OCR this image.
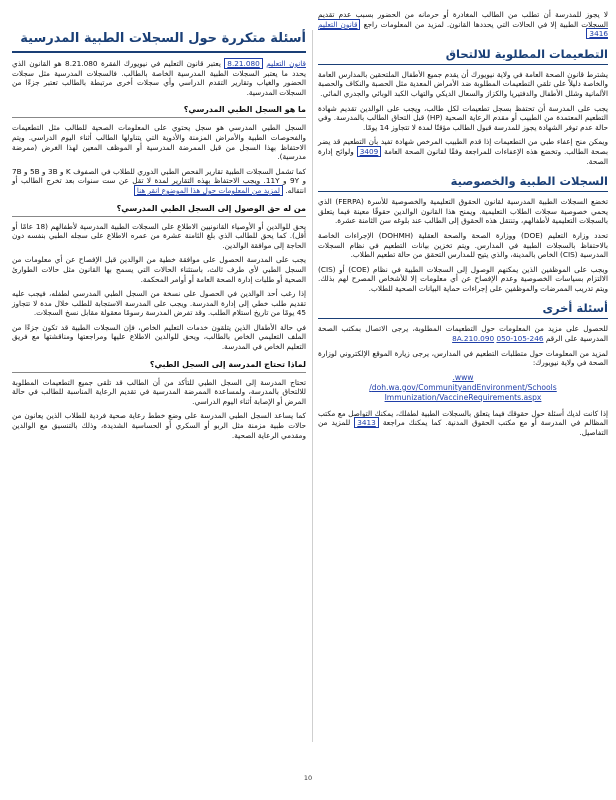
لا يجوز للمدرسة أن تطلب من الطالب المغادرة أو حرمانه من الحضور بسبب عدم تقديم السجلات الطبية إلا في الحالات التي يحددها القانون. لمزيد من المعلومات راجع قانون التعليم 3416

التطعيمات المطلوبة للالتحاق

يشترط قانون الصحة العامة في ولاية نيويورك أن يقدم جميع الأطفال الملتحقين بالمدارس العامة والخاصة دليلاً على تلقي التطعيمات المطلوبة ضد الأمراض المعدية مثل الحصبة والنكاف والحصبة الألمانية وشلل الأطفال والدفتيريا والكزاز والسعال الديكي والتهاب الكبد الوبائي والجدري المائي.

يجب على المدرسة أن تحتفظ بسجل تطعيمات لكل طالب، ويجب على الوالدين تقديم شهادة التطعيم المعتمدة من الطبيب أو مقدم الرعاية الصحية (HP) قبل التحاق الطالب بالمدرسة. وفي حالة عدم توفر الشهادة يجوز للمدرسة قبول الطالب مؤقتًا لمدة لا تتجاوز 14 يومًا.

ويمكن منح إعفاء طبي من التطعيمات إذا قدم الطبيب المرخص شهادة تفيد بأن التطعيم قد يضر بصحة الطالب. وتخضع هذه الإعفاءات للمراجعة وفقًا لقانون الصحة العامة 3409 ولوائح إدارة الصحة.

السجلات الطبية والخصوصية

تخضع السجلات الطبية المدرسية لقانون الحقوق التعليمية والخصوصية للأسرة (FERPA) الذي يحمي خصوصية سجلات الطلاب التعليمية. ويمنح هذا القانون الوالدين حقوقًا معينة فيما يتعلق بالسجلات التعليمية لأطفالهم، وتنتقل هذه الحقوق إلى الطالب عند بلوغه سن الثامنة عشرة.

تحدد وزارة التعليم (DOE) ووزارة الصحة والصحة العقلية (DOHMH) الإجراءات الخاصة بالاحتفاظ بالسجلات الطبية في المدارس. ويتم تخزين بيانات التطعيم في نظام السجلات المدرسية (CIS) الخاص بالمدينة، والذي يتيح للمدارس التحقق من حالة تطعيم الطلاب.

ويجب على الموظفين الذين يمكنهم الوصول إلى السجلات الطبية في نظام (COE) أو (CIS) الالتزام بسياسات الخصوصية وعدم الإفصاح عن أي معلومات إلا للأشخاص المصرح لهم بذلك. ويتم تدريب الممرضات والموظفين على إجراءات حماية البيانات الصحية للطلاب.

أسئلة أخرى

للحصول على مزيد من المعلومات حول التطعيمات المطلوبة، يرجى الاتصال بمكتب الصحة المدرسية على الرقم 8A.210.090 050-105-246

لمزيد من المعلومات حول متطلبات التطعيم في المدارس، يرجى زيارة الموقع الإلكتروني لوزارة الصحة في ولاية نيويورك:

www.
doh.wa.gov/CommunityandEnvironment/Schools/
Immunization/VaccineRequirements.aspx

إذا كانت لديك أسئلة حول حقوقك فيما يتعلق بالسجلات الطبية لطفلك، يمكنك التواصل مع مكتب المظالم في المدرسة أو مع مكتب الحقوق المدنية. كما يمكنك مراجعة 3413 للمزيد من التفاصيل.

أسئلة متكررة حول السجلات الطبية المدرسية

قانون التعليم 8.21.080 يعتبر قانون التعليم في نيويورك الفقرة 8.21.080 هو القانون الذي يحدد ما يعتبر السجلات الطبية المدرسية الخاصة بالطالب. فالسجلات المدرسية مثل سجلات الحضور والغياب وتقارير التقدم الدراسي وأي سجلات أخرى مرتبطة بالطالب تعتبر جزءًا من السجلات المدرسية.

ما هو السجل الطبي المدرسي؟

السجل الطبي المدرسي هو سجل يحتوي على المعلومات الصحية للطالب مثل التطعيمات والفحوصات الطبية والأمراض المزمنة والأدوية التي يتناولها الطالب أثناء اليوم الدراسي. ويتم الاحتفاظ بهذا السجل من قبل الممرضة المدرسية أو الموظف المعين لهذا الغرض (ممرضة مدرسية).

كما تشمل السجلات الطبية تقارير الفحص الطبي الدوري للطلاب في الصفوف K و 3B و 5B و 7B و 9Y و 11Y. ويجب الاحتفاظ بهذه التقارير لمدة لا تقل عن ست سنوات بعد تخرج الطالب أو انتقاله. لمزيد من المعلومات حول هذا الموضوع انقر هنا

من له حق الوصول إلى السجل الطبي المدرسي؟

يحق للوالدين أو الأوصياء القانونيين الاطلاع على السجلات الطبية المدرسية لأطفالهم (18 عامًا أو أقل). كما يحق للطالب الذي بلغ الثامنة عشرة من عمره الاطلاع على سجله الطبي بنفسه دون الحاجة إلى موافقة الوالدين.

يجب على المدرسة الحصول على موافقة خطية من الوالدين قبل الإفصاح عن أي معلومات من السجل الطبي لأي طرف ثالث، باستثناء الحالات التي يسمح بها القانون مثل حالات الطوارئ الصحية أو طلبات إدارة الصحة العامة أو أوامر المحكمة.

إذا رغب أحد الوالدين في الحصول على نسخة من السجل الطبي المدرسي لطفله، فيجب عليه تقديم طلب خطي إلى إدارة المدرسة. ويجب على المدرسة الاستجابة للطلب خلال مدة لا تتجاوز 45 يومًا من تاريخ استلام الطلب. وقد تفرض المدرسة رسومًا معقولة مقابل نسخ السجلات.

في حالة الأطفال الذين يتلقون خدمات التعليم الخاص، فإن السجلات الطبية قد تكون جزءًا من الملف التعليمي الخاص بالطالب، ويحق للوالدين الاطلاع عليها ومراجعتها ومناقشتها مع فريق التعليم الخاص في المدرسة.

لماذا تحتاج المدرسة إلى السجل الطبي؟

تحتاج المدرسة إلى السجل الطبي للتأكد من أن الطالب قد تلقى جميع التطعيمات المطلوبة للالتحاق بالمدرسة، ولمساعدة الممرضة المدرسية في تقديم الرعاية المناسبة للطالب في حالة المرض أو الإصابة أثناء اليوم الدراسي.

كما يساعد السجل الطبي المدرسة على وضع خطط رعاية صحية فردية للطلاب الذين يعانون من حالات طبية مزمنة مثل الربو أو السكري أو الحساسية الشديدة، وذلك بالتنسيق مع الوالدين ومقدمي الرعاية الصحية.

10
